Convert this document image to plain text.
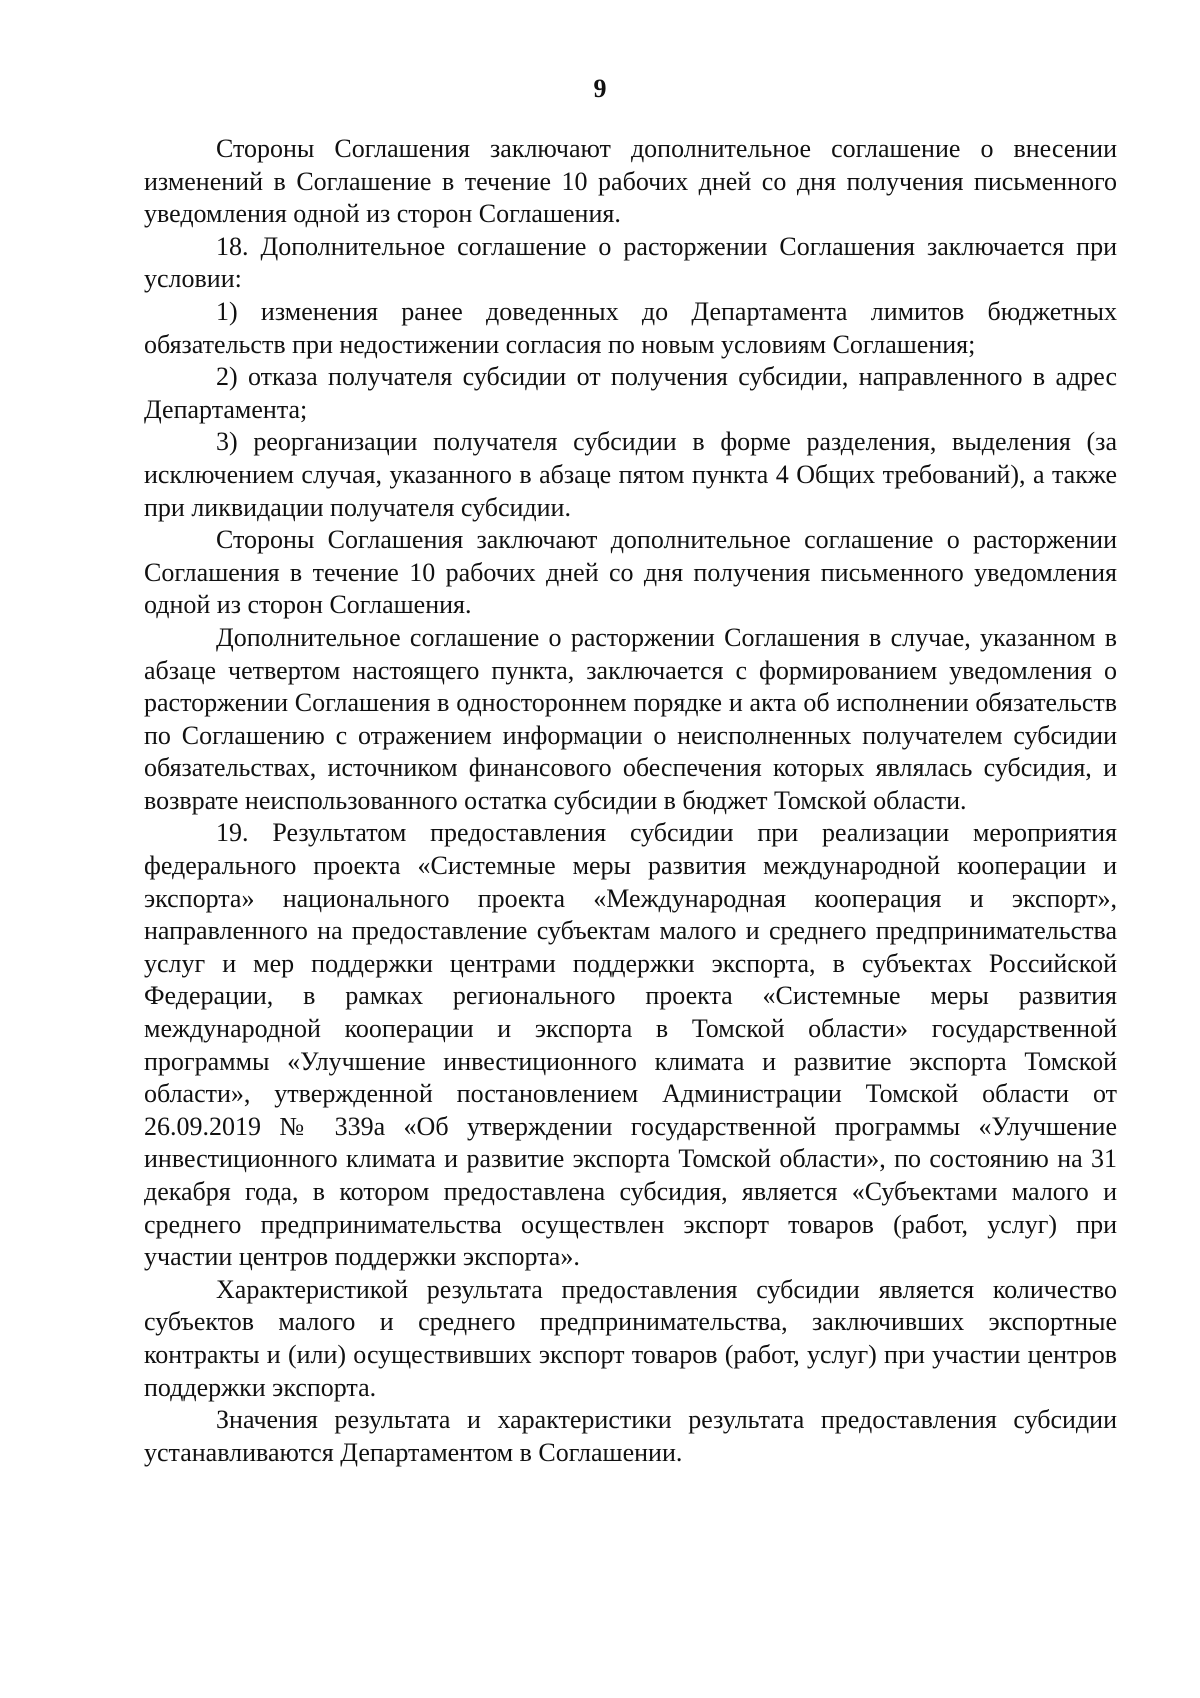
9

Стороны Соглашения заключают дополнительное соглашение о внесении изменений в Соглашение в течение 10 рабочих дней со дня получения письменного уведомления одной из сторон Соглашения.

18. Дополнительное соглашение о расторжении Соглашения заключается при условии:

1) изменения ранее доведенных до Департамента лимитов бюджетных обязательств при недостижении согласия по новым условиям Соглашения;

2) отказа получателя субсидии от получения субсидии, направленного в адрес Департамента;

3) реорганизации получателя субсидии в форме разделения, выделения (за исключением случая, указанного в абзаце пятом пункта 4 Общих требований), а также при ликвидации получателя субсидии.

Стороны Соглашения заключают дополнительное соглашение о расторжении Соглашения в течение 10 рабочих дней со дня получения письменного уведомления одной из сторон Соглашения.

Дополнительное соглашение о расторжении Соглашения в случае, указанном в абзаце четвертом настоящего пункта, заключается с формированием уведомления о расторжении Соглашения в одностороннем порядке и акта об исполнении обязательств по Соглашению с отражением информации о неисполненных получателем субсидии обязательствах, источником финансового обеспечения которых являлась субсидия, и возврате неиспользованного остатка субсидии в бюджет Томской области.

19. Результатом предоставления субсидии при реализации мероприятия федерального проекта «Системные меры развития международной кооперации и экспорта» национального проекта «Международная кооперация и экспорт», направленного на предоставление субъектам малого и среднего предпринимательства услуг и мер поддержки центрами поддержки экспорта, в субъектах Российской Федерации, в рамках регионального проекта «Системные меры развития международной кооперации и экспорта в Томской области» государственной программы «Улучшение инвестиционного климата и развитие экспорта Томской области», утвержденной постановлением Администрации Томской области от 26.09.2019 № 339а «Об утверждении государственной программы «Улучшение инвестиционного климата и развитие экспорта Томской области», по состоянию на 31 декабря года, в котором предоставлена субсидия, является «Субъектами малого и среднего предпринимательства осуществлен экспорт товаров (работ, услуг) при участии центров поддержки экспорта».

Характеристикой результата предоставления субсидии является количество субъектов малого и среднего предпринимательства, заключивших экспортные контракты и (или) осуществивших экспорт товаров (работ, услуг) при участии центров поддержки экспорта.

Значения результата и характеристики результата предоставления субсидии устанавливаются Департаментом в Соглашении.
